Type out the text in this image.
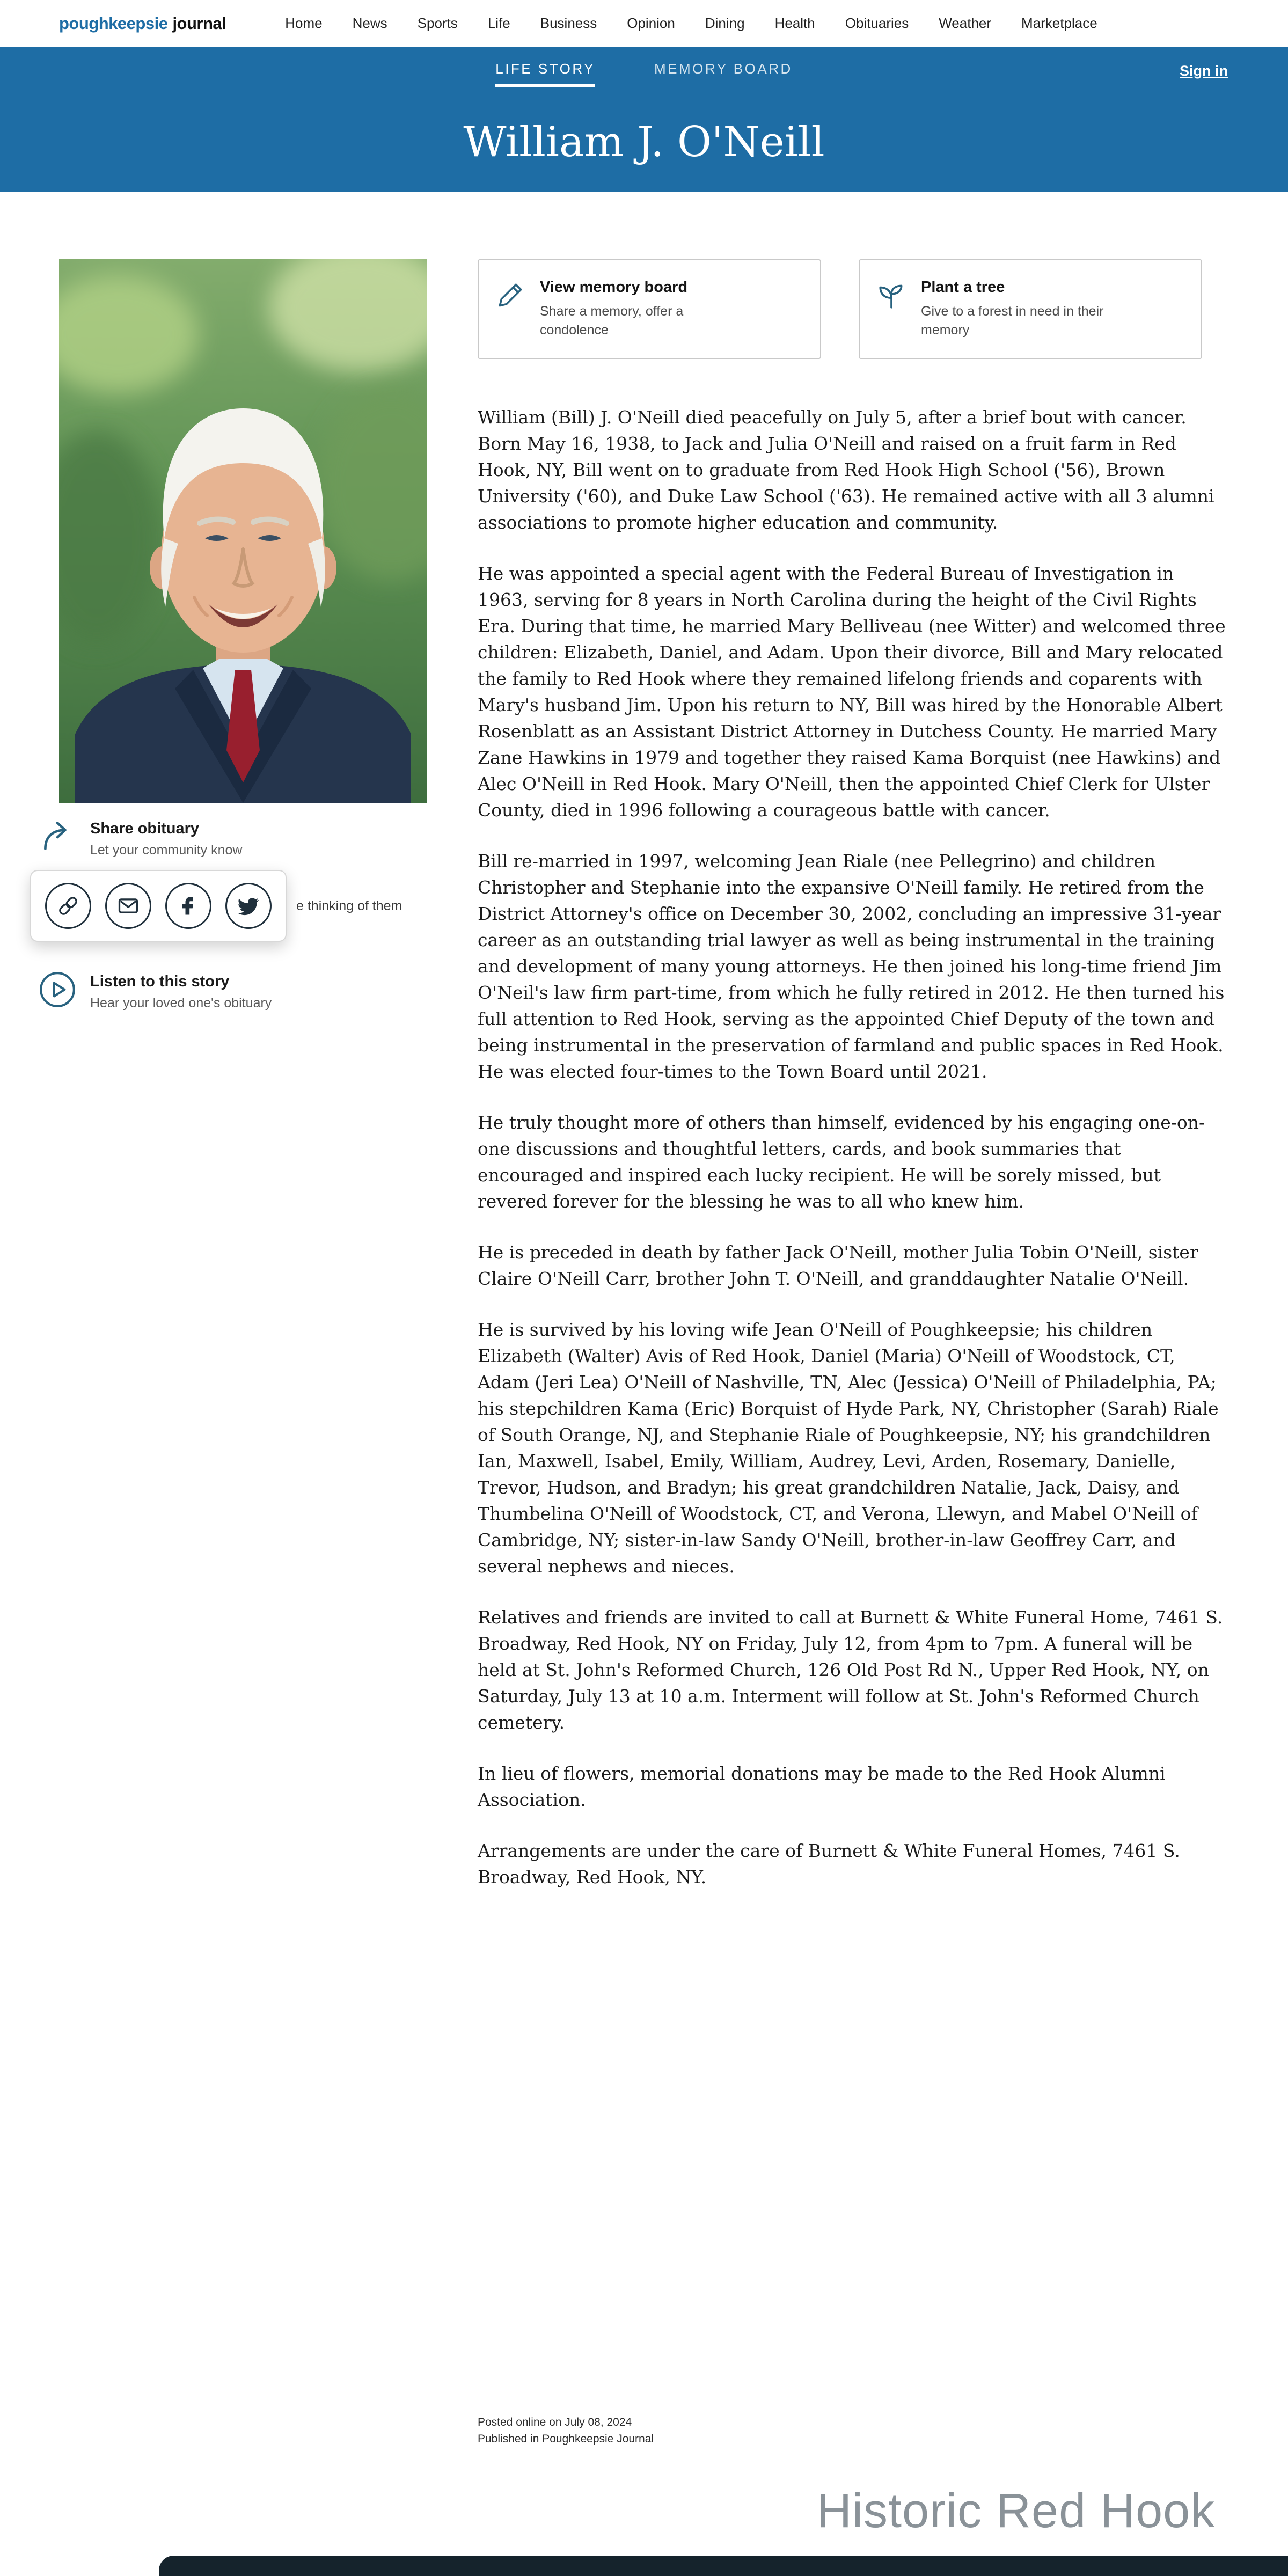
poughkeepsie journal	Home News Sports Life Business Opinion Dining Health Obituaries Weather Marketplace
LIFE STORY	MEMORY BOARD	Sign in
William J. O'Neill
Share obituary
Let your community know
e thinking of them
Listen to this story
Hear your loved one's obituary
View memory board
Share a memory, offer a condolence
Plant a tree
Give to a forest in need in their memory

William (Bill) J. O'Neill died peacefully on July 5, after a brief bout with cancer. Born May 16, 1938, to Jack and Julia O'Neill and raised on a fruit farm in Red Hook, NY, Bill went on to graduate from Red Hook High School ('56), Brown University ('60), and Duke Law School ('63). He remained active with all 3 alumni associations to promote higher education and community.

He was appointed a special agent with the Federal Bureau of Investigation in 1963, serving for 8 years in North Carolina during the height of the Civil Rights Era. During that time, he married Mary Belliveau (nee Witter) and welcomed three children: Elizabeth, Daniel, and Adam. Upon their divorce, Bill and Mary relocated the family to Red Hook where they remained lifelong friends and coparents with Mary's husband Jim. Upon his return to NY, Bill was hired by the Honorable Albert Rosenblatt as an Assistant District Attorney in Dutchess County. He married Mary Zane Hawkins in 1979 and together they raised Kama Borquist (nee Hawkins) and Alec O'Neill in Red Hook. Mary O'Neill, then the appointed Chief Clerk for Ulster County, died in 1996 following a courageous battle with cancer.

Bill re-married in 1997, welcoming Jean Riale (nee Pellegrino) and children Christopher and Stephanie into the expansive O'Neill family. He retired from the District Attorney's office on December 30, 2002, concluding an impressive 31-year career as an outstanding trial lawyer as well as being instrumental in the training and development of many young attorneys. He then joined his long-time friend Jim O'Neil's law firm part-time, from which he fully retired in 2012. He then turned his full attention to Red Hook, serving as the appointed Chief Deputy of the town and being instrumental in the preservation of farmland and public spaces in Red Hook. He was elected four-times to the Town Board until 2021.

He truly thought more of others than himself, evidenced by his engaging one-on-one discussions and thoughtful letters, cards, and book summaries that encouraged and inspired each lucky recipient. He will be sorely missed, but revered forever for the blessing he was to all who knew him.

He is preceded in death by father Jack O'Neill, mother Julia Tobin O'Neill, sister Claire O'Neill Carr, brother John T. O'Neill, and granddaughter Natalie O'Neill.

He is survived by his loving wife Jean O'Neill of Poughkeepsie; his children Elizabeth (Walter) Avis of Red Hook, Daniel (Maria) O'Neill of Woodstock, CT, Adam (Jeri Lea) O'Neill of Nashville, TN, Alec (Jessica) O'Neill of Philadelphia, PA; his stepchildren Kama (Eric) Borquist of Hyde Park, NY, Christopher (Sarah) Riale of South Orange, NJ, and Stephanie Riale of Poughkeepsie, NY; his grandchildren Ian, Maxwell, Isabel, Emily, William, Audrey, Levi, Arden, Rosemary, Danielle, Trevor, Hudson, and Bradyn; his great grandchildren Natalie, Jack, Daisy, and Thumbelina O'Neill of Woodstock, CT, and Verona, Llewyn, and Mabel O'Neill of Cambridge, NY; sister-in-law Sandy O'Neill, brother-in-law Geoffrey Carr, and several nephews and nieces.

Relatives and friends are invited to call at Burnett & White Funeral Home, 7461 S. Broadway, Red Hook, NY on Friday, July 12, from 4pm to 7pm. A funeral will be held at St. John's Reformed Church, 126 Old Post Rd N., Upper Red Hook, NY, on Saturday, July 13 at 10 a.m. Interment will follow at St. John's Reformed Church cemetery.

In lieu of flowers, memorial donations may be made to the Red Hook Alumni Association.

Arrangements are under the care of Burnett & White Funeral Homes, 7461 S. Broadway, Red Hook, NY.

Posted online on July 08, 2024
Published in Poughkeepsie Journal
Historic Red Hook
